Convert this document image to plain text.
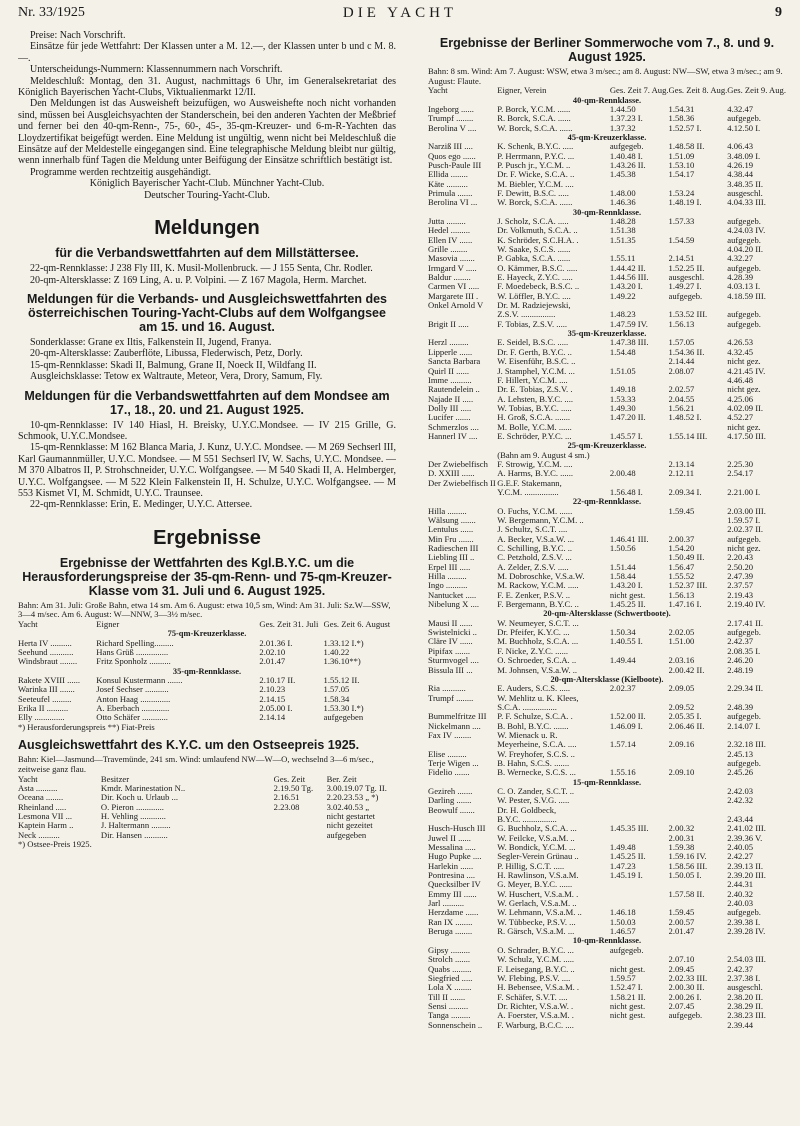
Nr. 33/1925	DIE YACHT	9

Preise: Nach Vorschrift.

Einsätze für jede Wettfahrt: Der Klassen unter a M. 12.—, der Klassen unter b und c M. 8.—.

Unterscheidungs-Nummern: Klassennummern nach Vorschrift.

Meldeschluß: Montag, den 31. August, nachmittags 6 Uhr, im Generalsekretariat des Königlich Bayerischen Yacht-Clubs, Viktualienmarkt 12/II.

Den Meldungen ist das Ausweisheft beizufügen, wo Ausweishefte noch nicht vorhanden sind, müssen bei Ausgleichsyachten der Standerschein, bei den anderen Yachten der Meßbrief und ferner bei den 40-qm-Renn-, 75-, 60-, 45-, 35-qm-Kreuzer- und 6-m-R-Yachten das Lloydzertifikat beigefügt werden. Eine Meldung ist ungültig, wenn nicht bei Meldeschluß die Einsätze auf der Meldestelle eingegangen sind. Eine telegraphische Meldung bleibt nur gültig, wenn innerhalb fünf Tagen die Meldung unter Beifügung der Einsätze schriftlich bestätigt ist.

Programme werden rechtzeitig ausgehändigt.

Königlich Bayerischer Yacht-Club. Münchner Yacht-Club.

Deutscher Touring-Yacht-Club.

Meldungen
für die Verbandswettfahrten auf dem Millstättersee.

22-qm-Rennklasse: J 238 Fly III, K. Musil-Mollenbruck. — J 155 Senta, Chr. Rodler.

20-qm-Altersklasse: Z 169 Ling, A. u. P. Volpini. — Z 167 Magola, Herm. Marchet.

Meldungen für die Verbands- und Ausgleichswettfahrten des österreichischen Touring-Yacht-Clubs auf dem Wolfgangsee am 15. und 16. August.

Sonderklasse: Grane ex Iltis, Falkenstein II, Jugend, Franya.

20-qm-Altersklasse: Zauberflöte, Libussa, Flederwisch, Petz, Dorly.

15-qm-Rennklasse: Skadi II, Balmung, Grane II, Noeck II, Wildfang II.

Ausgleichsklasse: Tetow ex Waltraute, Meteor, Vera, Drory, Samum, Fly.

Meldungen für die Verbandswettfahrten auf dem Mondsee am 17., 18., 20. und 21. August 1925.

10-qm-Rennklasse: IV 140 Hiasl, H. Breisky, U.Y.C.Mondsee. — IV 215 Grille, G. Schmook, U.Y.C.Mondsee.

15-qm-Rennklasse: M 162 Blanca Maria, J. Kunz, U.Y.C. Mondsee. — M 269 Sechserl III, Karl Gaumannmüller, U.Y.C. Mondsee. — M 551 Sechserl IV, W. Sachs, U.Y.C. Mondsee. — M 370 Albatros II, P. Strohschneider, U.Y.C. Wolfgangsee. — M 540 Skadi II, A. Helmberger, U.Y.C. Wolfgangsee. — M 522 Klein Falkenstein II, H. Schulze, U.Y.C. Wolfgangsee. — M 553 Kismet VI, M. Schmidt, U.Y.C. Traunsee.

22-qm-Rennklasse: Erin, E. Medinger, U.Y.C. Attersee.

Ergebnisse
Ergebnisse der Wettfahrten des Kgl.B.Y.C. um die Herausforderungspreise der 35-qm-Renn- und 75-qm-Kreuzer-Klasse vom 31. Juli und 6. August 1925.

Bahn: Am 31. Juli: Große Bahn, etwa 14 sm. Am 6. August: etwa 10,5 sm, Wind: Am 31. Juli: Sz.W—SSW, 3—4 m/sec. Am 6. August: W—NNW, 3—3½ m/sec.

Yacht	Eigner	Ges. Zeit 31. Juli	Ges. Zeit 6. August
75-qm-Kreuzerklasse.			
Herta IV ..........	Richard Spelling.........	2.01.36 I.	1.33.12 I.*)
Seehund ...........	Hans Grüß ...............	2.02.10	1.40.22
Windsbraut ........	Fritz Sponholz ..........	2.01.47	1.36.10**)
35-qm-Rennklasse.			
Rakete XVIII ......	Konsul Kustermann .......	2.10.17 II.	1.55.12 II.
Warinka III .......	Josef Sechser ...........	2.10.23	1.57.05
Seeteufel .........	Anton Haag ..............	2.14.15	1.58.34
Erika II ..........	A. Eberbach .............	2.05.00 I.	1.53.30 I.*)
Elly ..............	Otto Schäfer ............	2.14.14	aufgegeben

*) Herausforderungspreis **) Fiat-Preis

Ausgleichswettfahrt des K.Y.C. um den Ostseepreis 1925.

Bahn: Kiel—Jasmund—Travemünde, 241 sm. Wind: umlaufend NW—W—O, wechselnd 3—6 m/sec., zeitweise ganz flau.

Yacht	Besitzer	Ges. Zeit	Ber. Zeit
Asta ..........	Kmdr. Marinestation N..	2.19.50 Tg.	3.00.19.07 Tg. II.
Oceana ........	Dir. Koch u. Urlaub ...	2.16.51	2.20.23.53 „ *)
Rheinland .....	O. Pieron .............	2.23.08	3.02.40.53 „
Lesmona VII ...	H. Vehling ............		nicht gestartet
Kaptein Harm ..	J. Haltermann .........		nicht gezeitet
Neck ..........	Dir. Hansen ...........		aufgegeben

*) Ostsee-Preis 1925.

Ergebnisse der Berliner Sommerwoche vom 7., 8. und 9. August 1925.

Bahn: 8 sm. Wind: Am 7. August: WSW, etwa 3 m/sec.; am 8. August: NW—SW, etwa 3 m/sec.; am 9. August: Flaute.

Yacht	Eigner, Verein	Ges. Zeit 7. Aug.	Ges. Zeit 8. Aug.	Ges. Zeit 9. Aug.
40-qm-Rennklasse.				
Ingeborg ......	P. Borck, Y.C.M. ......	1.44.50	1.54.31	4.32.47
Trumpf ........	R. Borck, S.C.A. ......	1.37.23 I.	1.58.36	aufgegeb.
Berolina V ....	W. Borck, S.C.A. ......	1.37.32	1.52.57 I.	4.12.50 I.
45-qm-Kreuzerklasse.				
Narziß III ....	K. Schenk, B.Y.C. .....	aufgegeb.	1.48.58 II.	4.06.43
Quos ego ......	P. Herrmann, P.Y.C. ...	1.40.48 I.	1.51.09	3.48.09 I.
Pusch-Paule III	P. Pusch jr., Y.C.M. ..	1.43.26 II.	1.53.10	4.26.19
Ellida ........	Dr. F. Wicke, S.C.A. ..	1.45.38	1.54.17	4.38.44
Käte ..........	M. Biebler, Y.C.M. ....			3.48.35 II.
Primula .......	F. Dewitt, B.S.C. .....	1.48.00	1.53.24	ausgeschl.
Berolina VI ...	W. Borck, S.C.A. ......	1.46.36	1.48.19 I.	4.04.33 III.
30-qm-Rennklasse.				
Jutta .........	J. Scholz, S.C.A. .....	1.48.28	1.57.33	aufgegeb.
Hedel .........	Dr. Volkmuth, S.C.A. ..	1.51.38		4.24.03 IV.
Ellen IV ......	K. Schröder, S.C.H.A. .	1.51.35	1.54.59	aufgegeb.
Grille ........	W. Saake, S.C.S. ......			4.04.20 II.
Masovia .......	P. Gabka, S.C.A. ......	1.55.11	2.14.51	4.32.27
Irmgard V .....	O. Kämmer, B.S.C. .....	1.44.42 II.	1.52.25 II.	aufgegeb.
Baldur ........	E. Hayeck, Z.Y.C. .....	1.44.56 III.	ausgeschl.	4.28.39
Carmen VI .....	F. Moedebeck, B.S.C. ..	1.43.20 I.	1.49.27 I.	4.03.13 I.
Margarete III .	W. Löffler, B.Y.C. ....	1.49.22	aufgegeb.	4.18.59 III.
Onkel Arnold V	Dr. M. Radziejewski,			
	Z.S.V. ................	1.48.23	1.53.52 III.	aufgegeb.
Brigit II .....	F. Tobias, Z.S.V. .....	1.47.59 IV.	1.56.13	aufgegeb.
35-qm-Kreuzerklasse.				
Herzl .........	E. Seidel, B.S.C. .....	1.47.38 III.	1.57.05	4.26.53
Lipperle ......	Dr. F. Gerth, B.Y.C. ..	1.54.48	1.54.36 II.	4.32.45
Sancta Barbara	W. Eisenführ, B.S.C. ..		2.14.44	nicht gez.
Quirl II ......	J. Stamphel, Y.C.M. ...	1.51.05	2.08.07	4.21.45 IV.
Imme ..........	F. Hillert, Y.C.M. ....			4.46.48
Rautendelein ..	Dr. E. Tobias, Z.S.V. .	1.49.18	2.02.57	nicht gez.
Najade II .....	A. Lehsten, B.Y.C. ....	1.53.33	2.04.55	4.25.06
Dolly III .....	W. Tobias, B.Y.C. .....	1.49.30	1.56.21	4.02.09 II.
Lucifer .......	H. Groß, S.C.A. .......	1.47.20 II.	1.48.52 I.	4.52.27
Schmerzlos ....	M. Bolle, Y.C.M. ......			nicht gez.
Hannerl IV ....	E. Schröder, P.Y.C. ...	1.45.57 I.	1.55.14 III.	4.17.50 III.
25-qm-Kreuzerklasse.				
	(Bahn am 9. August 4 sm.)			
Der Zwiebelfisch	F. Strowig, Y.C.M. ....		2.13.14	2.25.30
D. XXIII ......	A. Harms, B.Y.C. ......	2.00.48	2.12.11	2.54.17
Der Zwiebelfisch II	G.E.F. Stakemann,			
	Y.C.M. ................	1.56.48 I.	2.09.34 I.	2.21.00 I.
22-qm-Rennklasse.				
Hilla .........	O. Fuchs, Y.C.M. ......		1.59.45	2.03.00 III.
Wälsung .......	W. Bergemann, Y.C.M. ..			1.59.57 I.
Lentulus ......	J. Schultz, S.C.T. ....			2.02.37 II.
Min Fru .......	A. Becker, V.S.a.W. ...	1.46.41 III.	2.00.37	aufgegeb.
Radieschen III	C. Schilling, B.Y.C. ..	1.50.56	1.54.20	nicht gez.
Liebling III ..	C. Petzhold, Z.S.V. ...		1.50.49 II.	2.20.43
Erpel III .....	A. Zelder, Z.S.V. .....	1.51.44	1.56.47	2.50.20
Hilla .........	M. Dobroschke, V.S.a.W.	1.58.44	1.55.52	2.47.39
Ingo ..........	M. Rackow, Y.C.M. .....	1.43.20 I.	1.52.37 III.	2.37.57
Nantucket .....	F. E. Zenker, P.S.V. ..	nicht gest.	1.56.13	2.19.43
Nibelung X ....	F. Bergemann, B.Y.C. ..	1.45.25 II.	1.47.16 I.	2.19.40 IV.
20-qm-Altersklasse (Schwertboote).				
Mausi II ......	W. Neumeyer, S.C.T. ...			2.17.41 II.
Swistelnicki ..	Dr. Pfeifer, K.Y.C. ...	1.50.34	2.02.05	aufgegeb.
Cläre IV ......	M. Buchholz, S.C.A. ...	1.40.55 I.	1.51.00	2.42.37
Pipifax .......	F. Nicke, Z.Y.C. ......			2.08.35 I.
Sturmvogel ....	O. Schroeder, S.C.A. ..	1.49.44	2.03.16	2.46.20
Bissula III ...	M. Johnsen, V.S.a.W. ..		2.00.42 II.	2.48.19
20-qm-Altersklasse (Kielboote).				
Ria ...........	E. Auders, S.C.S. .....	2.02.37	2.09.05	2.29.34 II.
Trumpf ........	W. Mehlitz u. K. Klees,			
	S.C.A. ................		2.09.52	2.48.39
Bummelfritze III	P. F. Schulze, S.C.A. .	1.52.00 II.	2.05.35 I.	aufgegeb.
Nickelmann ....	B. Bohl, B.Y.C. .......	1.46.09 I.	2.06.46 II.	2.14.07 I.
Fax IV ........	W. Mienack u. R.			
	Meyerheine, S.C.A. ....	1.57.14	2.09.16	2.32.18 III.
Elise .........	W. Freyhofer, S.C.S. ..			2.45.13
Terje Wigen ...	B. Hahn, S.C.S. .......			aufgegeb.
Fidelio .......	B. Wernecke, S.C.S. ...	1.55.16	2.09.10	2.45.26
15-qm-Rennklasse.				
Gezireh .......	C. O. Zander, S.C.T. ..			2.42.03
Darling .......	W. Pester, S.V.G. .....			2.42.32
Beowulf .......	Dr. H. Goldbeck,			
	B.Y.C. ................			2.43.44
Husch-Husch III	G. Buchholz, S.C.A. ...	1.45.35 III.	2.00.32	2.41.02 III.
Juwel II ......	W. Feilcke, V.S.a.M. ..		2.00.31	2.39.36 V.
Messalina .....	W. Bondick, Y.C.M. ...	1.49.48	1.59.38	2.40.05
Hugo Pupke ....	Segler-Verein Grünau ..	1.45.25 II.	1.59.16 IV.	2.42.27
Harlekin ......	P. Hillig, S.C.T. .....	1.47.23	1.58.56 III.	2.39.13 II.
Pontresina ....	H. Rawlinson, V.S.a.M.	1.45.19 I.	1.50.05 I.	2.39.20 III.
Quecksilber IV	G. Meyer, B.Y.C. ......			2.44.31
Emmy III ......	W. Huschert, V.S.a.M. .		1.57.58 II.	2.40.32
Jarl ..........	W. Gerlach, V.S.a.M. ..			2.40.03
Herzdame ......	W. Lehmann, V.S.a.M. ..	1.46.18	1.59.45	aufgegeb.
Ran IX ........	W. Tübbecke, P.S.V. ...	1.50.03	2.00.57	2.39.38 I.
Beruga ........	R. Gärsch, V.S.a.M. ...	1.46.57	2.01.47	2.39.28 IV.
10-qm-Rennklasse.				
Gipsy .........	O. Schrader, B.Y.C. ...	aufgegeb.		
Strolch .......	W. Schulz, Y.C.M. .....		2.07.10	2.54.03 III.
Quabs .........	F. Leisegang, B.Y.C. ..	nicht gest.	2.09.45	2.42.37
Siegfried .....	W. Flebing, P.S.V. ....	1.59.57	2.02.33 III.	2.37.38 I.
Lola X ........	H. Bebensee, V.S.a.M. .	1.52.47 I.	2.00.30 II.	ausgeschl.
Till II .......	F. Schäfer, S.V.T. ....	1.58.21 II.	2.00.26 I.	2.38.20 II.
Sensi .........	Dr. Richter, V.S.a.W. .	nicht gest.	2.07.45	2.38.29 II.
Tanga .........	A. Foerster, V.S.a.M. .	nicht gest.	aufgegeb.	2.38.23 III.
Sonnenschein ..	F. Warburg, B.C.C. ....			2.39.44
